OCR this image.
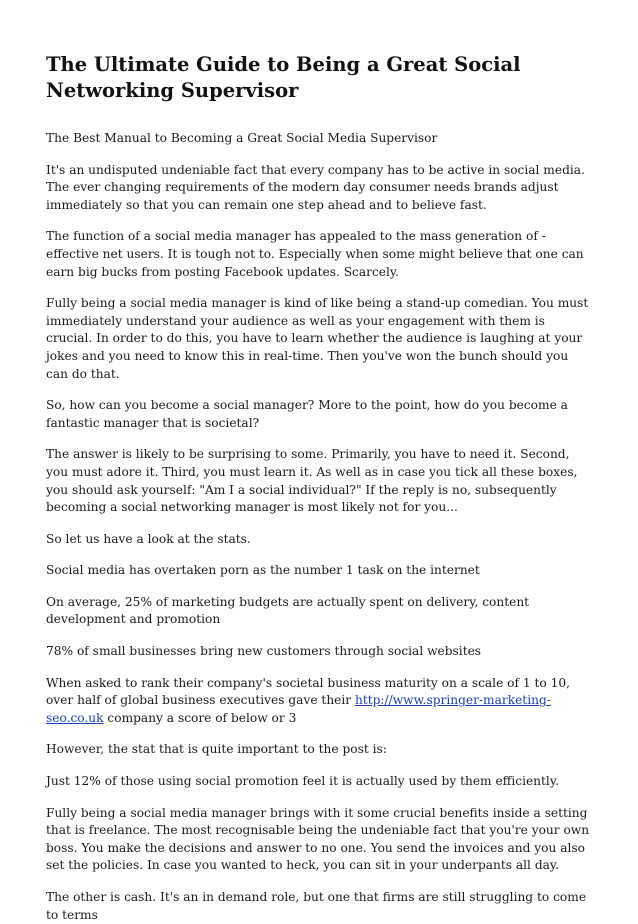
The Ultimate Guide to Being a Great Social Networking Supervisor

The Best Manual to Becoming a Great Social Media Supervisor

It's an undisputed undeniable fact that every company has to be active in social media. The ever changing requirements of the modern day consumer needs brands adjust immediately so that you can remain one step ahead and to believe fast.

The function of a social media manager has appealed to the mass generation of -effective net users. It is tough not to. Especially when some might believe that one can earn big bucks from posting Facebook updates. Scarcely.

Fully being a social media manager is kind of like being a stand-up comedian. You must immediately understand your audience as well as your engagement with them is crucial. In order to do this, you have to learn whether the audience is laughing at your jokes and you need to know this in real-time. Then you've won the bunch should you can do that.

So, how can you become a social manager? More to the point, how do you become a fantastic manager that is societal?

The answer is likely to be surprising to some. Primarily, you have to need it. Second, you must adore it. Third, you must learn it. As well as in case you tick all these boxes, you should ask yourself: "Am I a social individual?" If the reply is no, subsequently becoming a social networking manager is most likely not for you...

So let us have a look at the stats.

Social media has overtaken porn as the number 1 task on the internet

On average, 25% of marketing budgets are actually spent on delivery, content development and promotion

78% of small businesses bring new customers through social websites

When asked to rank their company's societal business maturity on a scale of 1 to 10, over half of global business executives gave their http://www.springer-marketing-seo.co.uk company a score of below or 3

However, the stat that is quite important to the post is:

Just 12% of those using social promotion feel it is actually used by them efficiently.

Fully being a social media manager brings with it some crucial benefits inside a setting that is freelance. The most recognisable being the undeniable fact that you're your own boss. You make the decisions and answer to no one. You send the invoices and you also set the policies. In case you wanted to heck, you can sit in your underpants all day.

The other is cash. It's an in demand role, but one that firms are still struggling to come to terms
